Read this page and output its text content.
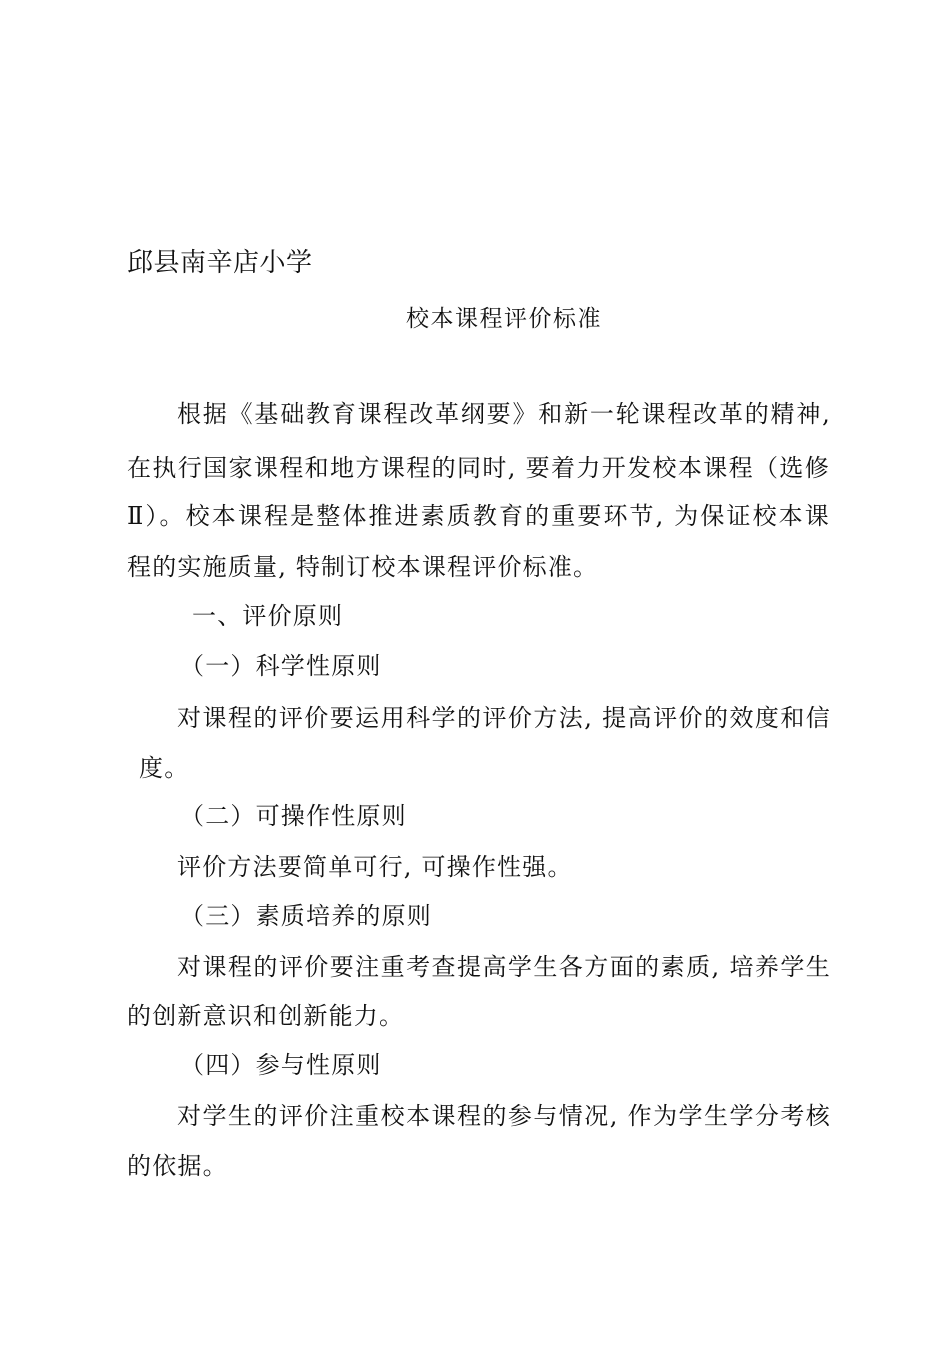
邱县南辛店小学
校本课程评价标准
根据《基础教育课程改革纲要》和新一轮课程改革的精神,
在执行国家课程和地方课程的同时, 要着力开发校本课程（选修
Ⅱ）。校本课程是整体推进素质教育的重要环节, 为保证校本课
程的实施质量, 特制订校本课程评价标准。
一、评价原则
（一）科学性原则
对课程的评价要运用科学的评价方法, 提高评价的效度和信
度。
（二）可操作性原则
评价方法要简单可行, 可操作性强。
（三）素质培养的原则
对课程的评价要注重考查提高学生各方面的素质, 培养学生
的创新意识和创新能力。
（四）参与性原则
对学生的评价注重校本课程的参与情况, 作为学生学分考核
的依据。
